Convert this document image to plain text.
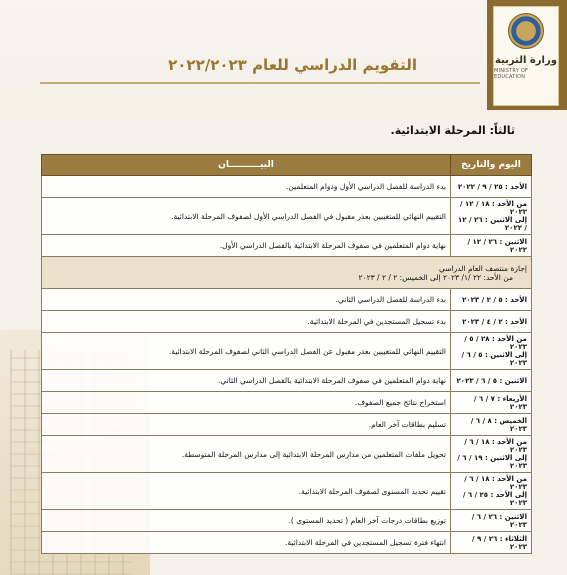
وزارة التربية
MINISTRY OF EDUCATION
التقويم الدراسي للعام ٢٠٢٢/٢٠٢٣
ثالثاً: المرحلة الابتدائية.
اليوم والتاريخ	البيــــــــــان
الأحد : ٢٥ / ٩ / ٢٠٢٢	بدء الدراسة للفصل الدراسي الأول ودوام المتعلمين.
من الأحد : ١٨ / ١٢ / ٢٠٢٢
إلى الاثنين : ٢٦ / ١٢ / ٢٠٢٢	التقييم النهائي للمتغيبين بعذر مقبول في الفصل الدراسي الأول لصفوف المرحلة الابتدائية.
الاثنين : ٢٦ / ١٢ / ٢٠٢٢	نهاية دوام المتعلمين في صفوف المرحلة الابتدائية بالفصل الدراسي الأول.

إجازة منتصف العام الدراسي
من الأحد: ٢٢ /١/ ٢٠٢٣ إلى الخميس: ٢ / ٢ / ٢٠٢٣	

الأحد : ٥ / ٢ / ٢٠٢٣	بدء الدراسة للفصل الدراسي الثاني.
الأحد : ٢ / ٤ / ٢٠٢٣	بدء تسجيل المستجدين في المرحلة الابتدائية.
من الأحد : ٢٨ / ٥ / ٢٠٢٣
إلى الاثنين : ٥ / ٦ / ٢٠٢٣	التقييم النهائي للمتغيبين بعذر مقبول عن الفصل الدراسي الثاني لصفوف المرحلة الابتدائية.
الاثنين : ٥ / ٦ / ٢٠٢٣	نهاية دوام المتعلمين في صفوف المرحلة الابتدائية بالفصل الدراسي الثاني.
الأربعاء : ٧ / ٦ / ٢٠٢٣	استخراج نتائج جميع الصفوف.
الخميس : ٨ / ٦ / ٢٠٢٣	تسليم بطاقات آخر العام.
من الأحد : ١٨ / ٦ / ٢٠٢٣
إلى الاثنين : ١٩ / ٦ / ٢٠٢٣	تحويل ملفات المتعلمين من مدارس المرحلة الابتدائية إلى مدارس المرحلة المتوسطة.
من الأحد : ١٨ / ٦ / ٢٠٢٣
إلى الأحد : ٢٥ / ٦ / ٢٠٢٣	تقييم تحديد المستوى لصفوف المرحلة الابتدائية.
الاثنين : ٢٦ / ٦ / ٢٠٢٣	توزيع بطاقات درجات آخر العام ( تحديد المستوى ).
الثلاثاء : ٢٦ / ٩ / ٢٠٢٣	انتهاء فترة تسجيل المستجدين في المرحلة الابتدائية.
